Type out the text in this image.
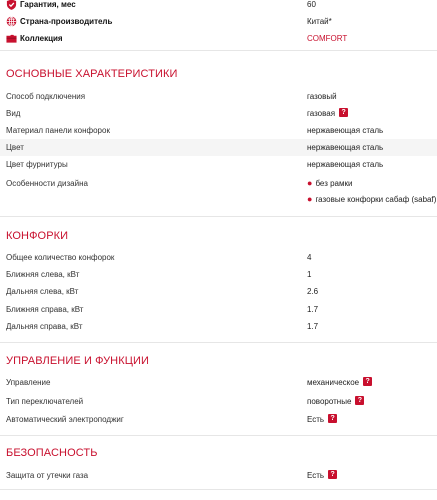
Гарантия, мес	60
Страна-производитель	Китай*
Коллекция	COMFORT
ОСНОВНЫЕ ХАРАКТЕРИСТИКИ
Способ подключения	газовый
Вид	газовая ?
Материал панели конфорок	нержавеющая сталь
Цвет	нержавеющая сталь
Цвет фурнитуры	нержавеющая сталь
Особенности дизайна	● без рамки
● газовые конфорки сабаф (sabaf)
КОНФОРКИ
Общее количество конфорок	4
Ближняя слева, кВт	1
Дальняя слева, кВт	2.6
Ближняя справа, кВт	1.7
Дальняя справа, кВт	1.7
УПРАВЛЕНИЕ И ФУНКЦИИ
Управление	механическое ?
Тип переключателей	поворотные ?
Автоматический электроподжиг	Есть ?
БЕЗОПАСНОСТЬ
Защита от утечки газа	Есть ?
